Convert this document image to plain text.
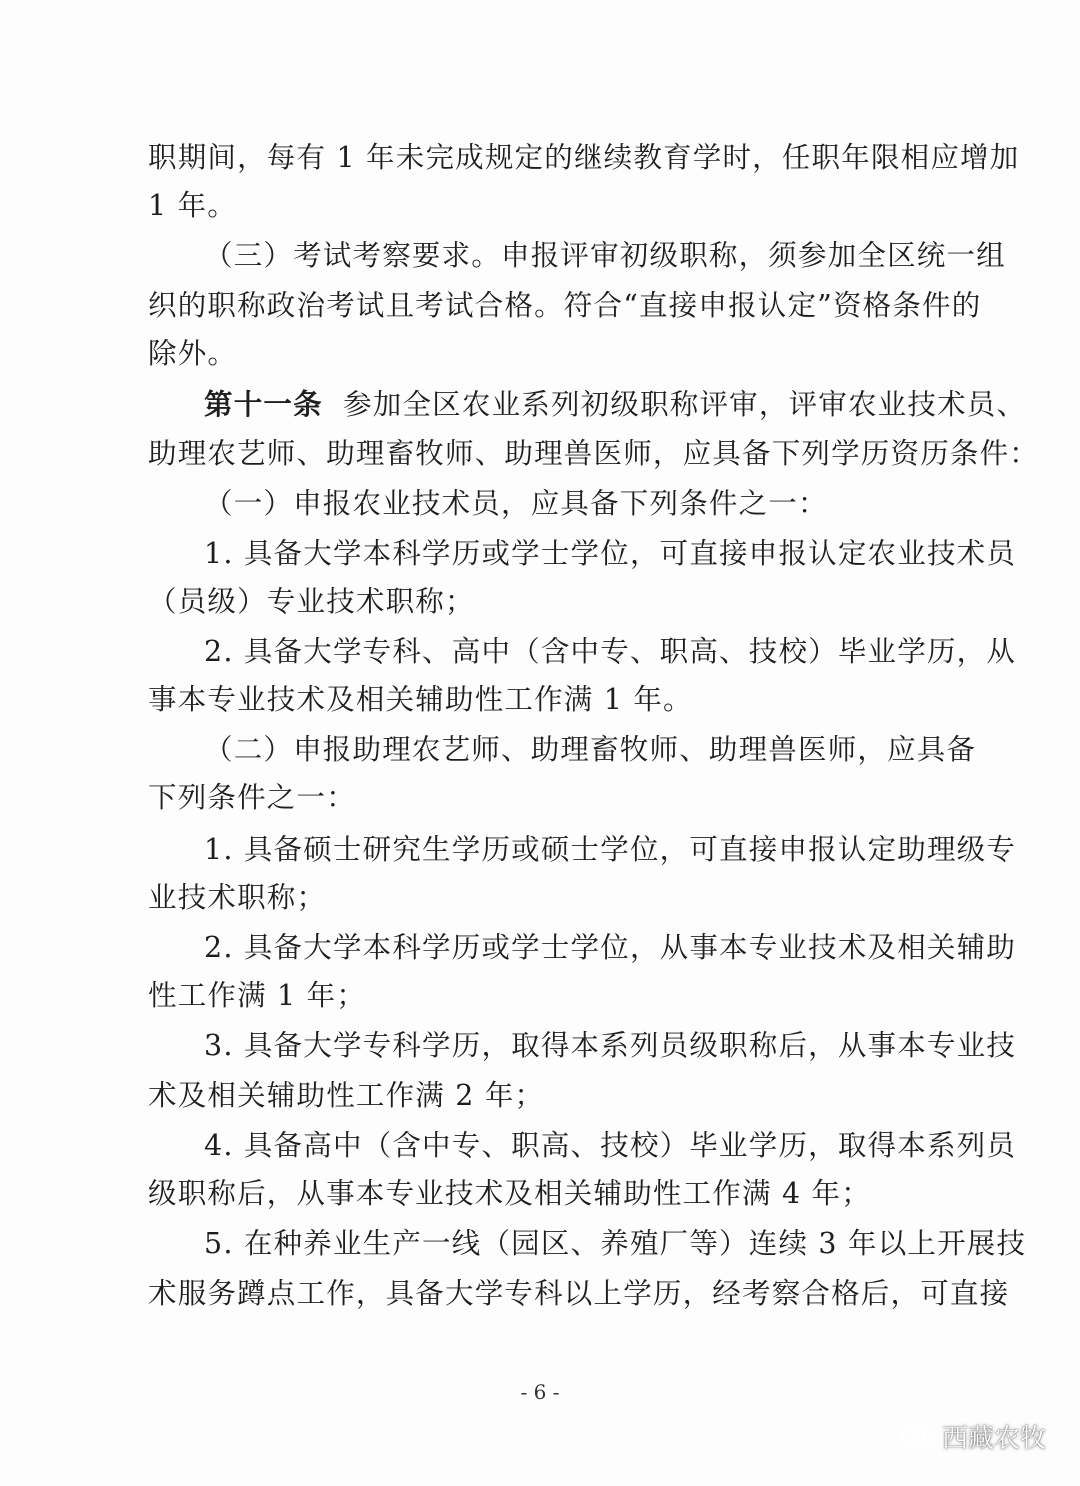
职期间，每有 1 年未完成规定的继续教育学时，任职年限相应增加
1 年。
（三）考试考察要求。申报评审初级职称，须参加全区统一组
织的职称政治考试且考试合格。符合“直接申报认定”资格条件的
除外。
第十一条 参加全区农业系列初级职称评审，评审农业技术员、
助理农艺师、助理畜牧师、助理兽医师，应具备下列学历资历条件：
（一）申报农业技术员，应具备下列条件之一：
1. 具备大学本科学历或学士学位，可直接申报认定农业技术员
（员级）专业技术职称；
2. 具备大学专科、高中（含中专、职高、技校）毕业学历，从
事本专业技术及相关辅助性工作满 1 年。
（二）申报助理农艺师、助理畜牧师、助理兽医师，应具备
下列条件之一：
1. 具备硕士研究生学历或硕士学位，可直接申报认定助理级专
业技术职称；
2. 具备大学本科学历或学士学位，从事本专业技术及相关辅助
性工作满 1 年；
3. 具备大学专科学历，取得本系列员级职称后，从事本专业技
术及相关辅助性工作满 2 年；
4. 具备高中（含中专、职高、技校）毕业学历，取得本系列员
级职称后，从事本专业技术及相关辅助性工作满 4 年；
5. 在种养业生产一线（园区、养殖厂等）连续 3 年以上开展技
术服务蹲点工作，具备大学专科以上学历，经考察合格后，可直接
- 6 -
西藏农牧
